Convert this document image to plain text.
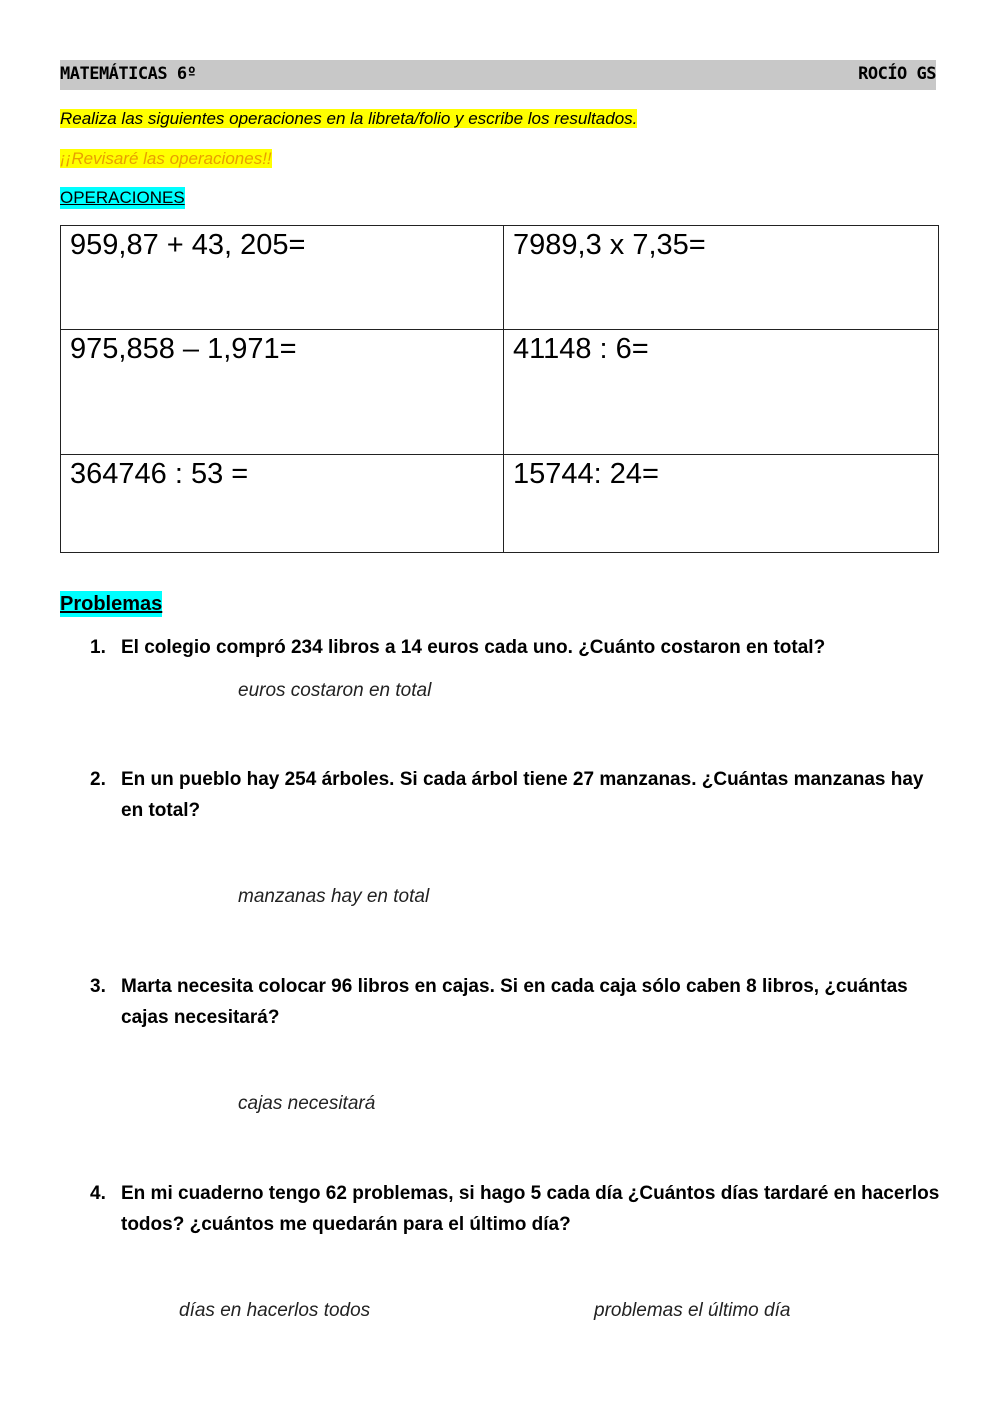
MATEMÁTICAS 6º	ROCÍO GS
Realiza las siguientes operaciones en la libreta/folio y escribe los resultados.
¡¡Revisaré las operaciones!!
OPERACIONES
959,87 + 43, 205=	7989,3 x 7,35=
975,858 – 1,971=	41148 : 6=
364746 : 53 =	15744: 24=
Problemas
1. El colegio compró 234 libros a 14 euros cada uno. ¿Cuánto costaron en total?
euros costaron en total
2. En un pueblo hay 254 árboles. Si cada árbol tiene 27 manzanas. ¿Cuántas manzanas hay en total?
manzanas hay en total
3. Marta necesita colocar 96 libros en cajas. Si en cada caja sólo caben 8 libros, ¿cuántas cajas necesitará?
cajas necesitará
4. En mi cuaderno tengo 62 problemas, si hago 5 cada día ¿Cuántos días tardaré en hacerlos todos? ¿cuántos me quedarán para el último día?
días en hacerlos todos	problemas el último día
